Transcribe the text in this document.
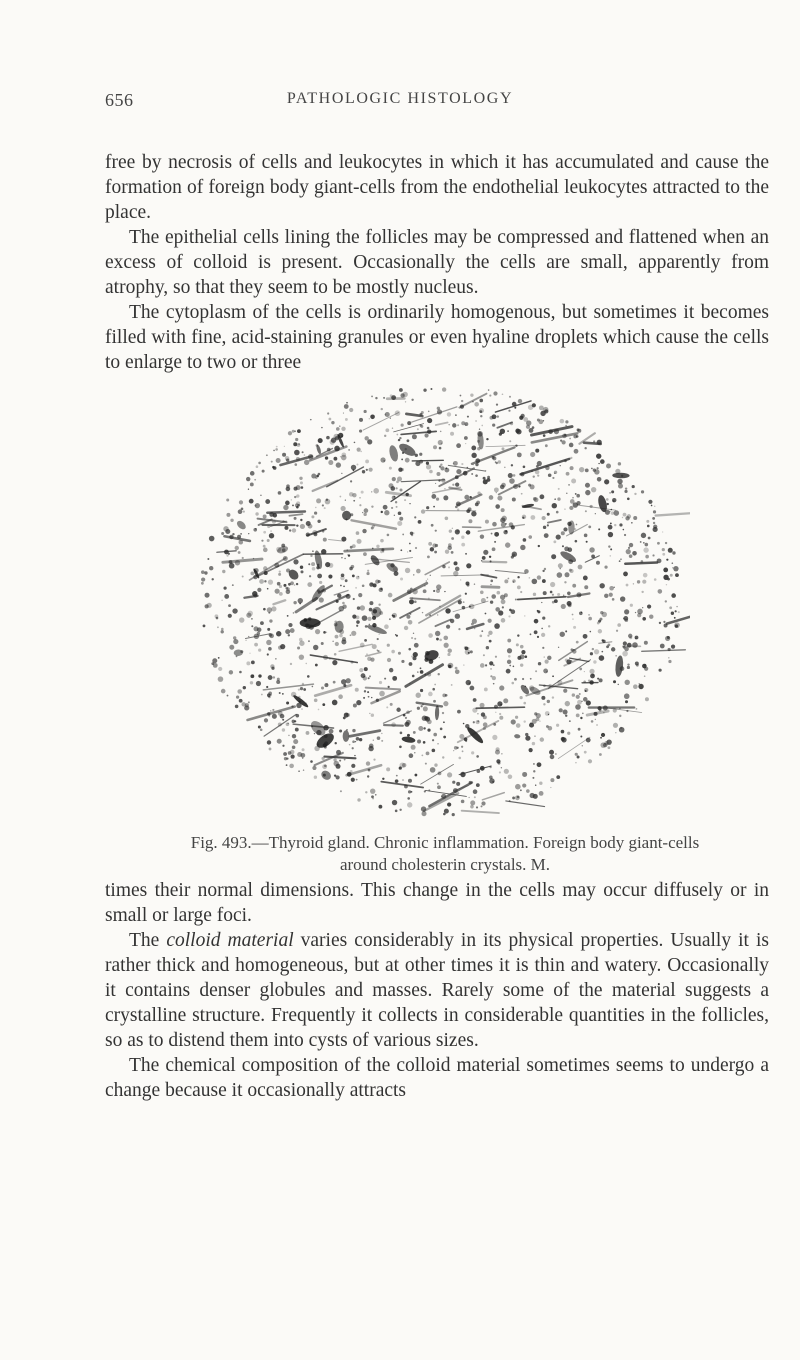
656	PATHOLOGIC HISTOLOGY

free by necrosis of cells and leukocytes in which it has accumulated and cause the formation of foreign body giant-cells from the endothelial leukocytes attracted to the place.

The epithelial cells lining the follicles may be compressed and flattened when an excess of colloid is present. Occasionally the cells are small, apparently from atrophy, so that they seem to be mostly nucleus.

The cytoplasm of the cells is ordinarily homogenous, but sometimes it becomes filled with fine, acid-staining granules or even hyaline droplets which cause the cells to enlarge to two or three

Fig. 493.—Thyroid gland. Chronic inflammation. Foreign body giant-cells
around cholesterin crystals. M.

times their normal dimensions. This change in the cells may occur diffusely or in small or large foci.

The colloid material varies considerably in its physical properties. Usually it is rather thick and homogeneous, but at other times it is thin and watery. Occasionally it contains denser globules and masses. Rarely some of the material suggests a crystalline structure. Frequently it collects in considerable quantities in the follicles, so as to distend them into cysts of various sizes.

The chemical composition of the colloid material sometimes seems to undergo a change because it occasionally attracts
